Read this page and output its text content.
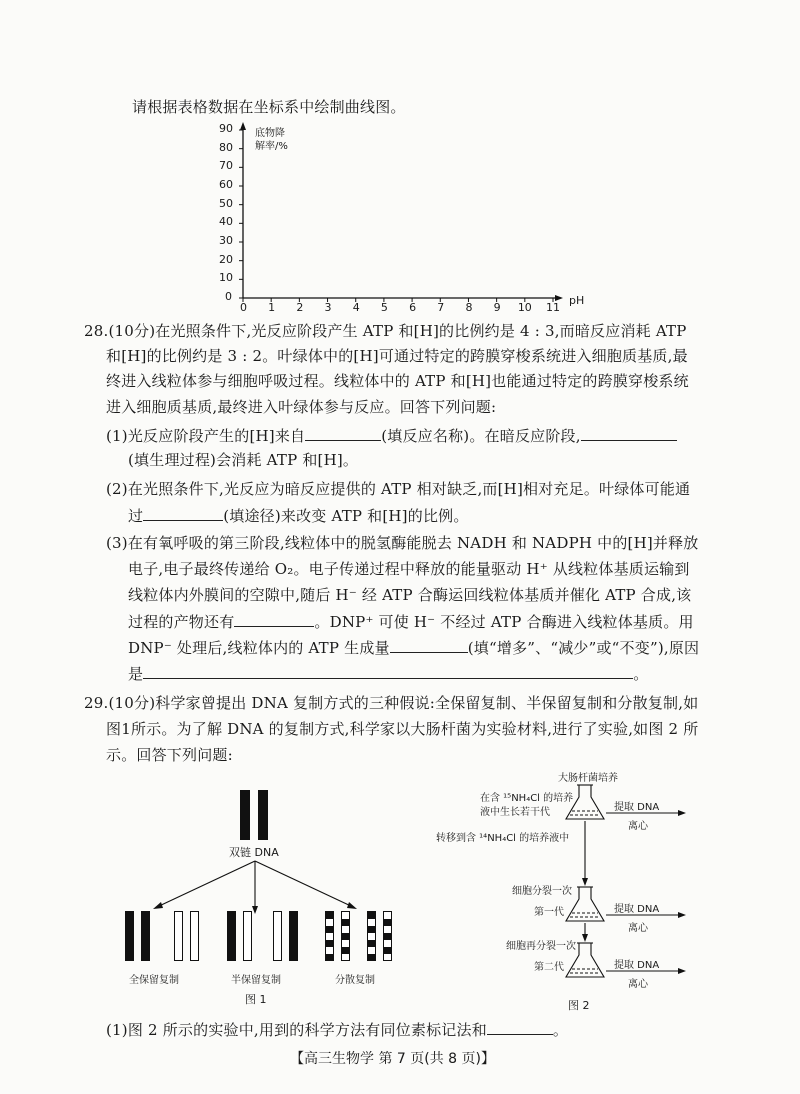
请根据表格数据在坐标系中绘制曲线图。
底物降
解率/%
pH
90
80
70
60
50
40
30
20
10
0
0 1 2 3 4 5 6 7 8 9 10 11
28.(10分)在光照条件下,光反应阶段产生 ATP 和[H]的比例约是 4 : 3,而暗反应消耗 ATP
和[H]的比例约是 3 : 2。叶绿体中的[H]可通过特定的跨膜穿梭系统进入细胞质基质,最
终进入线粒体参与细胞呼吸过程。线粒体中的 ATP 和[H]也能通过特定的跨膜穿梭系统
进入细胞质基质,最终进入叶绿体参与反应。回答下列问题:
(1)光反应阶段产生的[H]来自	(填反应名称)。在暗反应阶段,
(填生理过程)会消耗 ATP 和[H]。
(2)在光照条件下,光反应为暗反应提供的 ATP 相对缺乏,而[H]相对充足。叶绿体可能通
过	(填途径)来改变 ATP 和[H]的比例。
(3)在有氧呼吸的第三阶段,线粒体中的脱氢酶能脱去 NADH 和 NADPH 中的[H]并释放
电子,电子最终传递给 O₂。电子传递过程中释放的能量驱动 H⁺ 从线粒体基质运输到
线粒体内外膜间的空隙中,随后 H⁻ 经 ATP 合酶运回线粒体基质并催化 ATP 合成,该
过程的产物还有	。DNP⁺ 可使 H⁻ 不经过 ATP 合酶进入线粒体基质。用
DNP⁻ 处理后,线粒体内的 ATP 生成量	(填“增多”、“减少”或“不变”),原因
是	。
29.(10分)科学家曾提出 DNA 复制方式的三种假说:全保留复制、半保留复制和分散复制,如
图1所示。为了解 DNA 的复制方式,科学家以大肠杆菌为实验材料,进行了实验,如图 2 所
示。回答下列问题:
双链 DNA
全保留复制	半保留复制	分散复制
图 1
大肠杆菌培养
在含 ¹⁵NH₄Cl 的培养
液中生长若干代
转移到含 ¹⁴NH₄Cl 的培养液中
细胞分裂一次
第一代
细胞再分裂一次
第二代
图 2
提取 DNA
离心
提取 DNA
离心
提取 DNA
离心
(1)图 2 所示的实验中,用到的科学方法有同位素标记法和	。
【高三生物学 第 7 页(共 8 页)】
